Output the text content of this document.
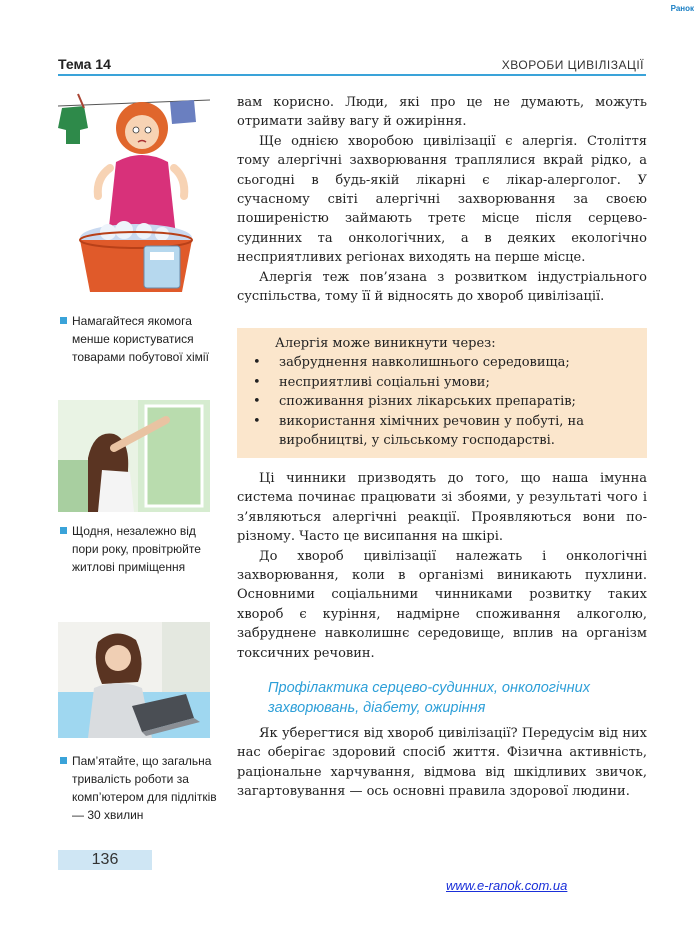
Ранок
Тема 14	ХВОРОБИ ЦИВІЛІЗАЦІЇ
Намагайтеся якомога менше користуватися товарами побутової хімії
Щодня, незалежно від пори року, провітрюйте житлові приміщення
Пам’ятайте, що загальна тривалість роботи за комп’ютером для підлітків — 30 хвилин

вам корисно. Люди, які про це не думають, можуть отримати зайву вагу й ожиріння.

Ще однією хворобою цивілізації є алергія. Століття тому алергічні захворювання траплялися вкрай рідко, а сьогодні в будь-якій лікарні є лікар-алерголог. У сучасному світі алергічні захворювання за своєю поширеністю займають третє місце після серцево-судинних та онкологічних, а в деяких екологічно несприятливих регіонах виходять на перше місце.

Алергія теж пов’язана з розвитком індустріального суспільства, тому її й відносять до хвороб цивілізації.

Алергія може виникнути через:

• забруднення навколишнього середовища;
• несприятливі соціальні умови;
• споживання різних лікарських препаратів;
• використання хімічних речовин у побуті, на виробництві, у сільському господарстві.

Ці чинники призводять до того, що наша імунна система починає працювати зі збоями, у результаті чого і з’являються алергічні реакції. Проявляються вони по-різному. Часто це висипання на шкірі.

До хвороб цивілізації належать і онкологічні захворювання, коли в організмі виникають пухлини. Основними соціальними чинниками розвитку таких хвороб є куріння, надмірне споживання алкоголю, забруднене навколишнє середовище, вплив на організм токсичних речовин.

Профілактика серцево-судинних, онкологічних захворювань, діабету, ожиріння

Як уберегтися від хвороб цивілізації? Передусім від них нас оберігає здоровий спосіб життя. Фізична активність, раціональне харчування, відмова від шкідливих звичок, загартовування — ось основні правила здорової людини.

136
www.e-ranok.com.ua
